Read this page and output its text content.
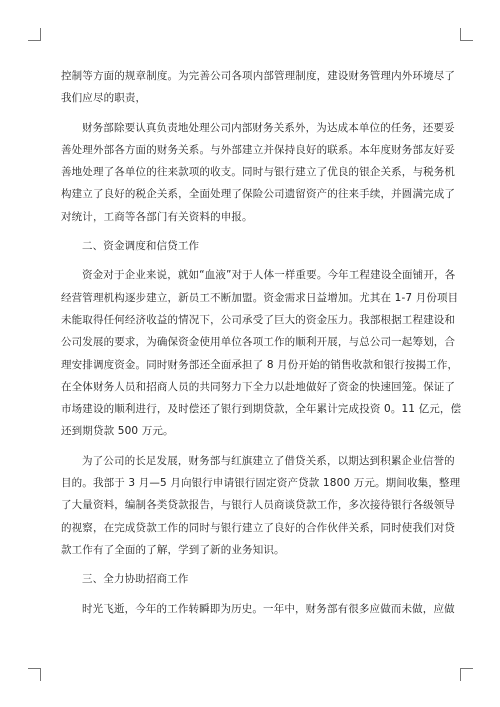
控制等方面的规章制度。为完善公司各项内部管理制度，建设财务管理内外环境尽了
我们应尽的职责，
财务部除要认真负责地处理公司内部财务关系外，为达成本单位的任务，还要妥
善处理外部各方面的财务关系。与外部建立并保持良好的联系。本年度财务部友好妥
善地处理了各单位的往来款项的收支。同时与银行建立了优良的银企关系，与税务机
构建立了良好的税企关系，全面处理了保险公司遗留资产的往来手续，并圆满完成了
对统计，工商等各部门有关资料的申报。
二、资金调度和信贷工作
资金对于企业来说，就如“血液”对于人体一样重要。今年工程建设全面铺开，各
经营管理机构逐步建立，新员工不断加盟。资金需求日益增加。尤其在 1-7 月份项目
未能取得任何经济收益的情况下，公司承受了巨大的资金压力。我部根据工程建设和
公司发展的要求，为确保资金使用单位各项工作的顺利开展，与总公司一起筹划，合
理安排调度资金。同时财务部还全面承担了 8 月份开始的销售收款和银行按揭工作，
在全体财务人员和招商人员的共同努力下全力以赴地做好了资金的快速回笼。保证了
市场建设的顺利进行，及时偿还了银行到期贷款，全年累计完成投资 0。11 亿元，偿
还到期贷款 500 万元。
为了公司的长足发展，财务部与红旗建立了借贷关系，以期达到积累企业信誉的
目的。我部于 3 月—5 月向银行申请银行固定资产贷款 1800 万元。期间收集，整理
了大量资料，编制各类贷款报告，与银行人员商谈贷款工作，多次接待银行各级领导
的视察，在完成贷款工作的同时与银行建立了良好的合作伙伴关系，同时使我们对贷
款工作有了全面的了解，学到了新的业务知识。
三、全力协助招商工作
时光飞逝，今年的工作转瞬即为历史。一年中，财务部有很多应做而未做，应做
